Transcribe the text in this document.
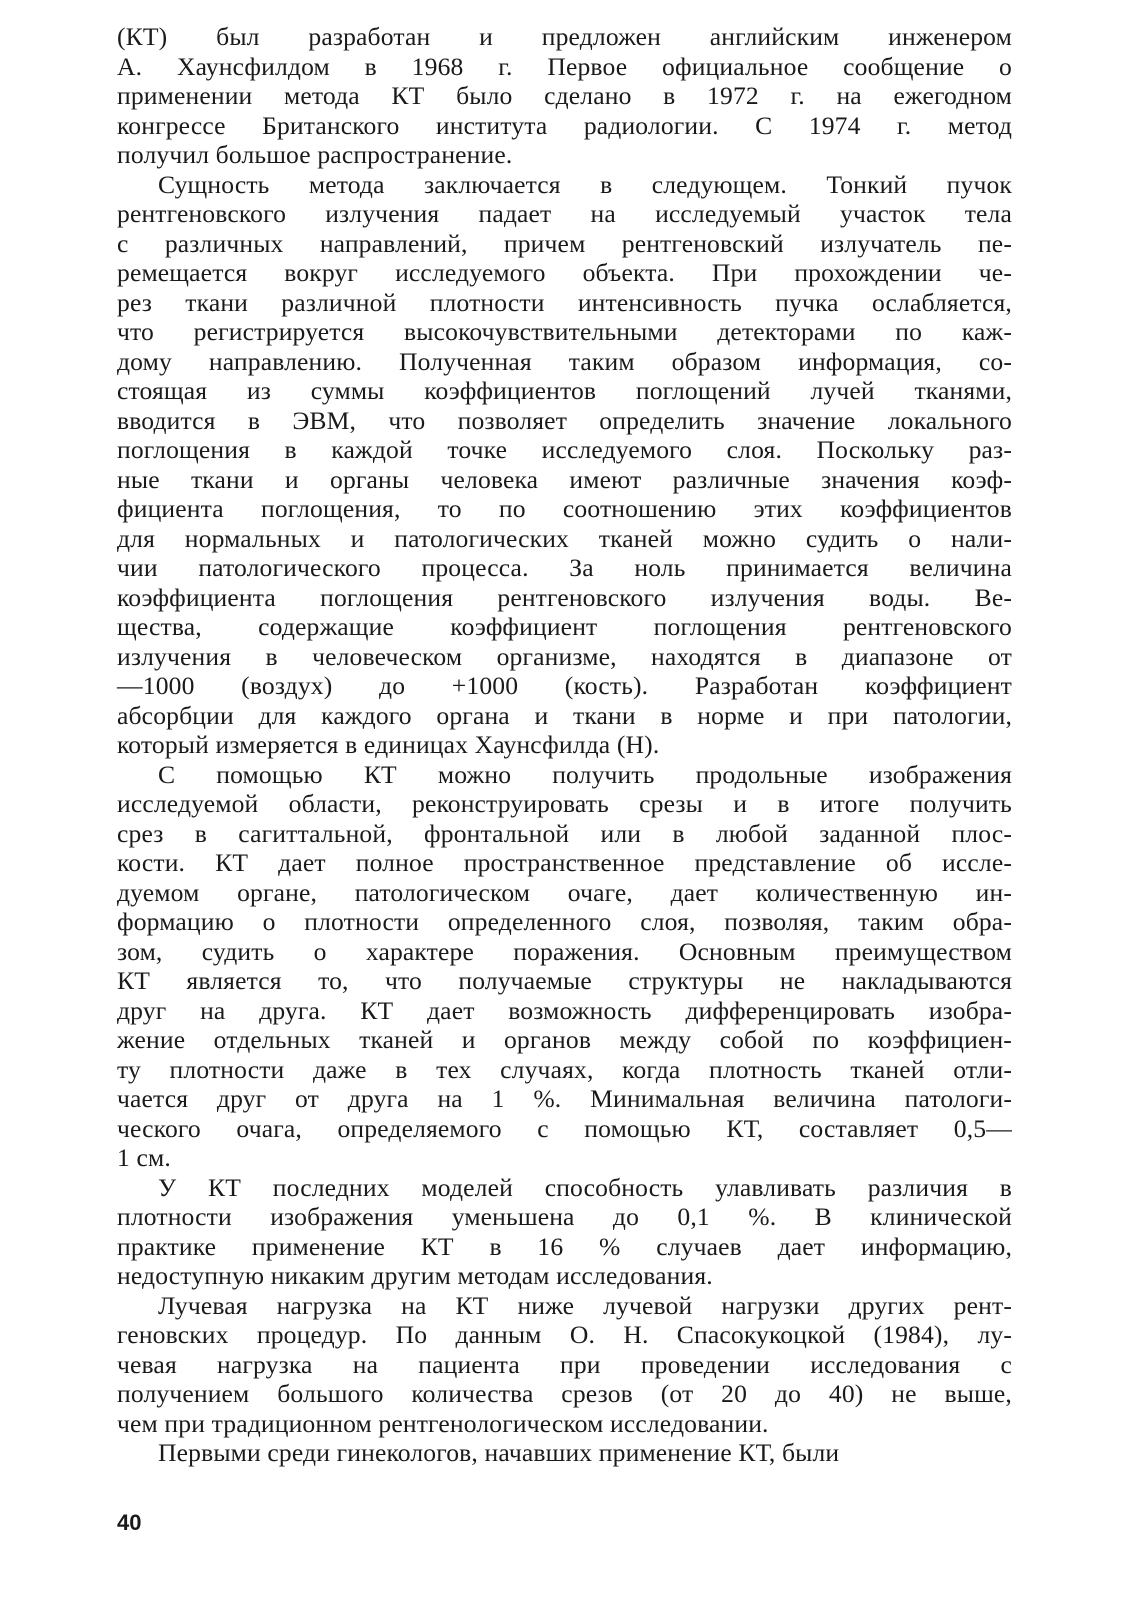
(КТ) был разработан и предложен английским инженером
А. Хаунсфилдом в 1968 г. Первое официальное сообщение о
применении метода КТ было сделано в 1972 г. на ежегодном
конгрессе Британского института радиологии. С 1974 г. метод
получил большое распространение.
Сущность метода заключается в следующем. Тонкий пучок
рентгеновского излучения падает на исследуемый участок тела
с различных направлений, причем рентгеновский излучатель пе-
ремещается вокруг исследуемого объекта. При прохождении че-
рез ткани различной плотности интенсивность пучка ослабляется,
что регистрируется высокочувствительными детекторами по каж-
дому направлению. Полученная таким образом информация, со-
стоящая из суммы коэффициентов поглощений лучей тканями,
вводится в ЭВМ, что позволяет определить значение локального
поглощения в каждой точке исследуемого слоя. Поскольку раз-
ные ткани и органы человека имеют различные значения коэф-
фициента поглощения, то по соотношению этих коэффициентов
для нормальных и патологических тканей можно судить о нали-
чии патологического процесса. За ноль принимается величина
коэффициента поглощения рентгеновского излучения воды. Ве-
щества, содержащие коэффициент поглощения рентгеновского
излучения в человеческом организме, находятся в диапазоне от
—1000 (воздух) до +1000 (кость). Разработан коэффициент
абсорбции для каждого органа и ткани в норме и при патологии,
который измеряется в единицах Хаунсфилда (H).
С помощью КТ можно получить продольные изображения
исследуемой области, реконструировать срезы и в итоге получить
срез в сагиттальной, фронтальной или в любой заданной плос-
кости. КТ дает полное пространственное представление об иссле-
дуемом органе, патологическом очаге, дает количественную ин-
формацию о плотности определенного слоя, позволяя, таким обра-
зом, судить о характере поражения. Основным преимуществом
КТ является то, что получаемые структуры не накладываются
друг на друга. КТ дает возможность дифференцировать изобра-
жение отдельных тканей и органов между собой по коэффициен-
ту плотности даже в тех случаях, когда плотность тканей отли-
чается друг от друга на 1 %. Минимальная величина патологи-
ческого очага, определяемого с помощью КТ, составляет 0,5—
1 см.
У КТ последних моделей способность улавливать различия в
плотности изображения уменьшена до 0,1 %. В клинической
практике применение КТ в 16 % случаев дает информацию,
недоступную никаким другим методам исследования.
Лучевая нагрузка на КТ ниже лучевой нагрузки других рент-
геновских процедур. По данным О. Н. Спасокукоцкой (1984), лу-
чевая нагрузка на пациента при проведении исследования с
получением большого количества срезов (от 20 до 40) не выше,
чем при традиционном рентгенологическом исследовании.
Первыми среди гинекологов, начавших применение КТ, были
40
